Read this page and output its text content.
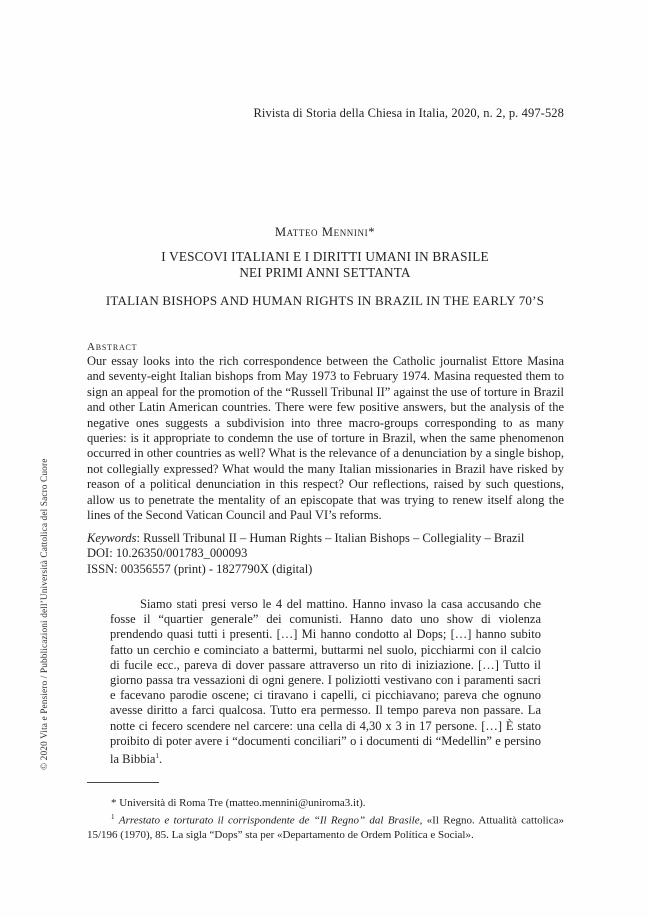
Rivista di Storia della Chiesa in Italia, 2020, n. 2, p. 497-528
Matteo Mennini*
I VESCOVI ITALIANI E I DIRITTI UMANI IN BRASILE
NEI PRIMI ANNI SETTANTA
ITALIAN BISHOPS AND HUMAN RIGHTS IN BRAZIL IN THE EARLY 70’S
Abstract

Our essay looks into the rich correspondence between the Catholic journalist Ettore Masina and seventy-eight Italian bishops from May 1973 to February 1974. Masina requested them to sign an appeal for the promotion of the “Russell Tribunal II” against the use of torture in Brazil and other Latin American countries. There were few positive answers, but the analysis of the negative ones suggests a subdivision into three macro-groups corresponding to as many queries: is it appropriate to condemn the use of torture in Brazil, when the same phenomenon occurred in other countries as well? What is the relevance of a denunciation by a single bishop, not collegially expressed? What would the many Italian missionaries in Brazil have risked by reason of a political denunciation in this respect? Our reflections, raised by such questions, allow us to penetrate the mentality of an episcopate that was trying to renew itself along the lines of the Second Vatican Council and Paul VI’s reforms.

Keywords: Russell Tribunal II – Human Rights – Italian Bishops – Collegiality – Brazil
DOI: 10.26350/001783_000093
ISSN: 00356557 (print) - 1827790X (digital)

Siamo stati presi verso le 4 del mattino. Hanno invaso la casa accusando che fosse il “quartier generale” dei comunisti. Hanno dato uno show di violenza prendendo quasi tutti i presenti. […] Mi hanno condotto al Dops; […] hanno subito fatto un cerchio e cominciato a battermi, buttarmi nel suolo, picchiarmi con il calcio di fucile ecc., pareva di dover passare attraverso un rito di iniziazione. […] Tutto il giorno passa tra vessazioni di ogni genere. I poliziotti vestivano con i paramenti sacri e facevano parodie oscene; ci tiravano i capelli, ci picchiavano; pareva che ognuno avesse diritto a farci qualcosa. Tutto era permesso. Il tempo pareva non passare. La notte ci fecero scendere nel carcere: una cella di 4,30 x 3 in 17 persone. […] È stato proibito di poter avere i “documenti conciliari” o i documenti di “Medellin” e persino la Bibbia$^1$.

* Università di Roma Tre (matteo.mennini@uniroma3.it).

$^1$ Arrestato e torturato il corrispondente de “Il Regno” dal Brasile, «Il Regno. Attualità cattolica» 15/196 (1970), 85. La sigla “Dops” sta per «Departamento de Ordem Política e Social».

© 2020 Vita e Pensiero / Pubblicazioni dell’Università Cattolica del Sacro Cuore
